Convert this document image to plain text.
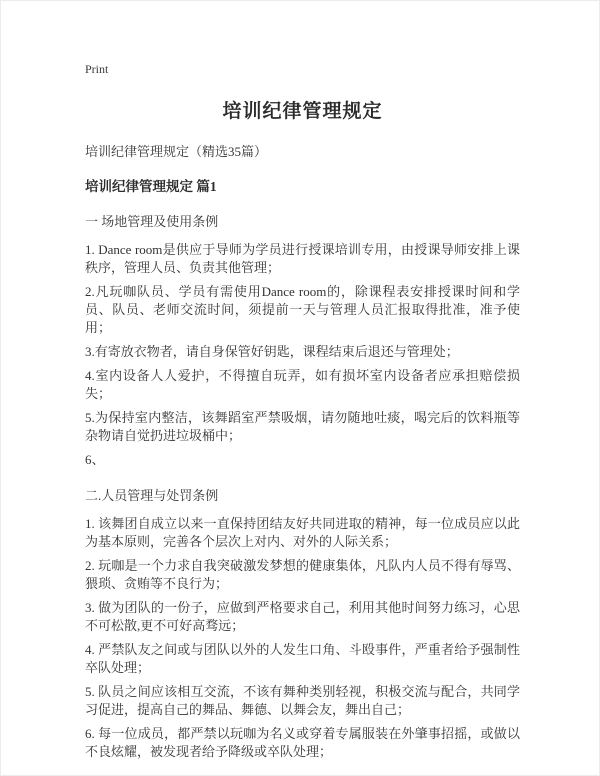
Print
培训纪律管理规定

培训纪律管理规定（精选35篇）

培训纪律管理规定 篇1

一 场地管理及使用条例

1. Dance room是供应于导师为学员进行授课培训专用，由授课导师安排上课秩序，管理人员、负责其他管理；

2.凡玩咖队员、学员有需使用Dance room的，除课程表安排授课时间和学员、队员、老师交流时间，须提前一天与管理人员汇报取得批准，准予使用；

3.有寄放衣物者，请自身保管好钥匙，课程结束后退还与管理处；

4.室内设备人人爱护，不得擅自玩弄，如有损坏室内设备者应承担赔偿损失；

5.为保持室内整洁，该舞蹈室严禁吸烟，请勿随地吐痰，喝完后的饮料瓶等杂物请自觉扔进垃圾桶中；

6、

二.人员管理与处罚条例

1. 该舞团自成立以来一直保持团结友好共同进取的精神，每一位成员应以此为基本原则，完善各个层次上对内、对外的人际关系；

2. 玩咖是一个力求自我突破激发梦想的健康集体，凡队内人员不得有辱骂、猥琐、贪贿等不良行为；

3. 做为团队的一份子，应做到严格要求自己，利用其他时间努力练习，心思不可松散,更不可好高骛远；

4. 严禁队友之间或与团队以外的人发生口角、斗殴事件，严重者给予强制性卒队处理；

5. 队员之间应该相互交流，不该有舞种类别轻视，积极交流与配合，共同学习促进，提高自己的舞品、舞德、以舞会友，舞出自己；

6. 每一位成员，都严禁以玩咖为名义或穿着专属服装在外肇事招摇，或做以不良炫耀，被发现者给予降级或卒队处理；
